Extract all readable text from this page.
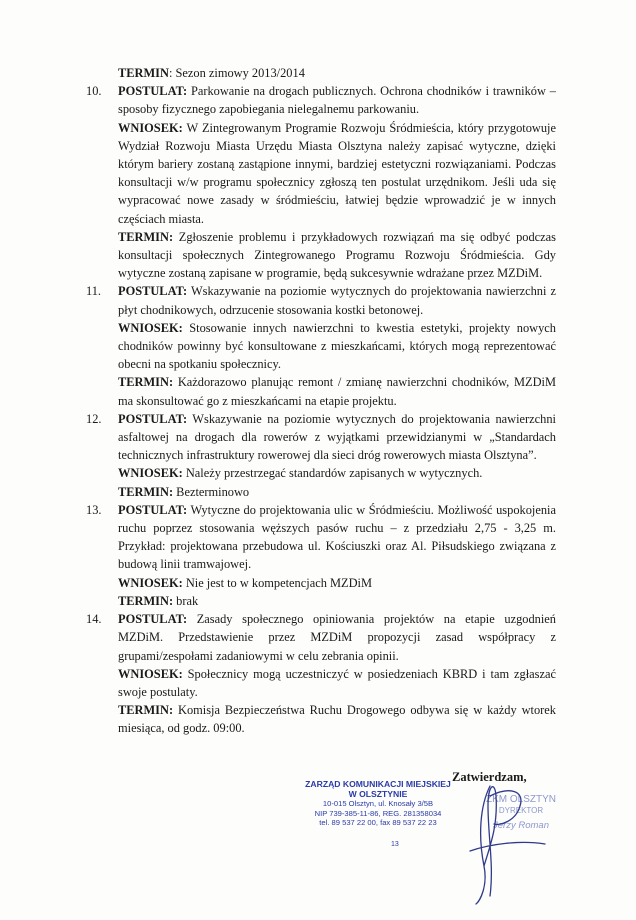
TERMIN: Sezon zimowy 2013/2014

10.	POSTULAT: Parkowanie na drogach publicznych. Ochrona chodników i trawników – sposoby fizycznego zapobiegania nielegalnemu parkowaniu.

WNIOSEK: W Zintegrowanym Programie Rozwoju Śródmieścia, który przygotowuje Wydział Rozwoju Miasta Urzędu Miasta Olsztyna należy zapisać wytyczne, dzięki którym bariery zostaną zastąpione innymi, bardziej estetyczni rozwiązaniami. Podczas konsultacji w/w programu społecznicy zgłoszą ten postulat urzędnikom. Jeśli uda się wypracować nowe zasady w śródmieściu, łatwiej będzie wprowadzić je w innych częściach miasta.

TERMIN: Zgłoszenie problemu i przykładowych rozwiązań ma się odbyć podczas konsultacji społecznych Zintegrowanego Programu Rozwoju Śródmieścia. Gdy wytyczne zostaną zapisane w programie, będą sukcesywnie wdrażane przez MZDiM.

11.	POSTULAT: Wskazywanie na poziomie wytycznych do projektowania nawierzchni z płyt chodnikowych, odrzucenie stosowania kostki betonowej.

WNIOSEK: Stosowanie innych nawierzchni to kwestia estetyki, projekty nowych chodników powinny być konsultowane z mieszkańcami, których mogą reprezentować obecni na spotkaniu społecznicy.

TERMIN: Każdorazowo planując remont / zmianę nawierzchni chodników, MZDiM ma skonsultować go z mieszkańcami na etapie projektu.

12.	POSTULAT: Wskazywanie na poziomie wytycznych do projektowania nawierzchni asfaltowej na drogach dla rowerów z wyjątkami przewidzianymi w „Standardach technicznych infrastruktury rowerowej dla sieci dróg rowerowych miasta Olsztyna”.

WNIOSEK: Należy przestrzegać standardów zapisanych w wytycznych.

TERMIN: Bezterminowo

13.	POSTULAT: Wytyczne do projektowania ulic w Śródmieściu. Możliwość uspokojenia ruchu poprzez stosowania węższych pasów ruchu – z przedziału 2,75 - 3,25 m. Przykład: projektowana przebudowa ul. Kościuszki oraz Al. Piłsudskiego związana z budową linii tramwajowej.

WNIOSEK: Nie jest to w kompetencjach MZDiM

TERMIN: brak

14.	POSTULAT: Zasady społecznego opiniowania projektów na etapie uzgodnień MZDiM. Przedstawienie przez MZDiM propozycji zasad współpracy z grupami/zespołami zadaniowymi w celu zebrania opinii.

WNIOSEK: Społecznicy mogą uczestniczyć w posiedzeniach KBRD i tam zgłaszać swoje postulaty.

TERMIN: Komisja Bezpieczeństwa Ruchu Drogowego odbywa się w każdy wtorek miesiąca, od godz. 09:00.

Zatwierdzam,
ZARZĄD KOMUNIKACJI MIEJSKIEJ
W OLSZTYNIE
10-015 Olsztyn, ul. Knosały 3/5B
NIP 739-385-11-86, REG. 281358034
tel. 89 537 22 00, fax 89 537 22 23
13
ZKM OLSZTYN
DYREKTOR
Jerzy Roman
